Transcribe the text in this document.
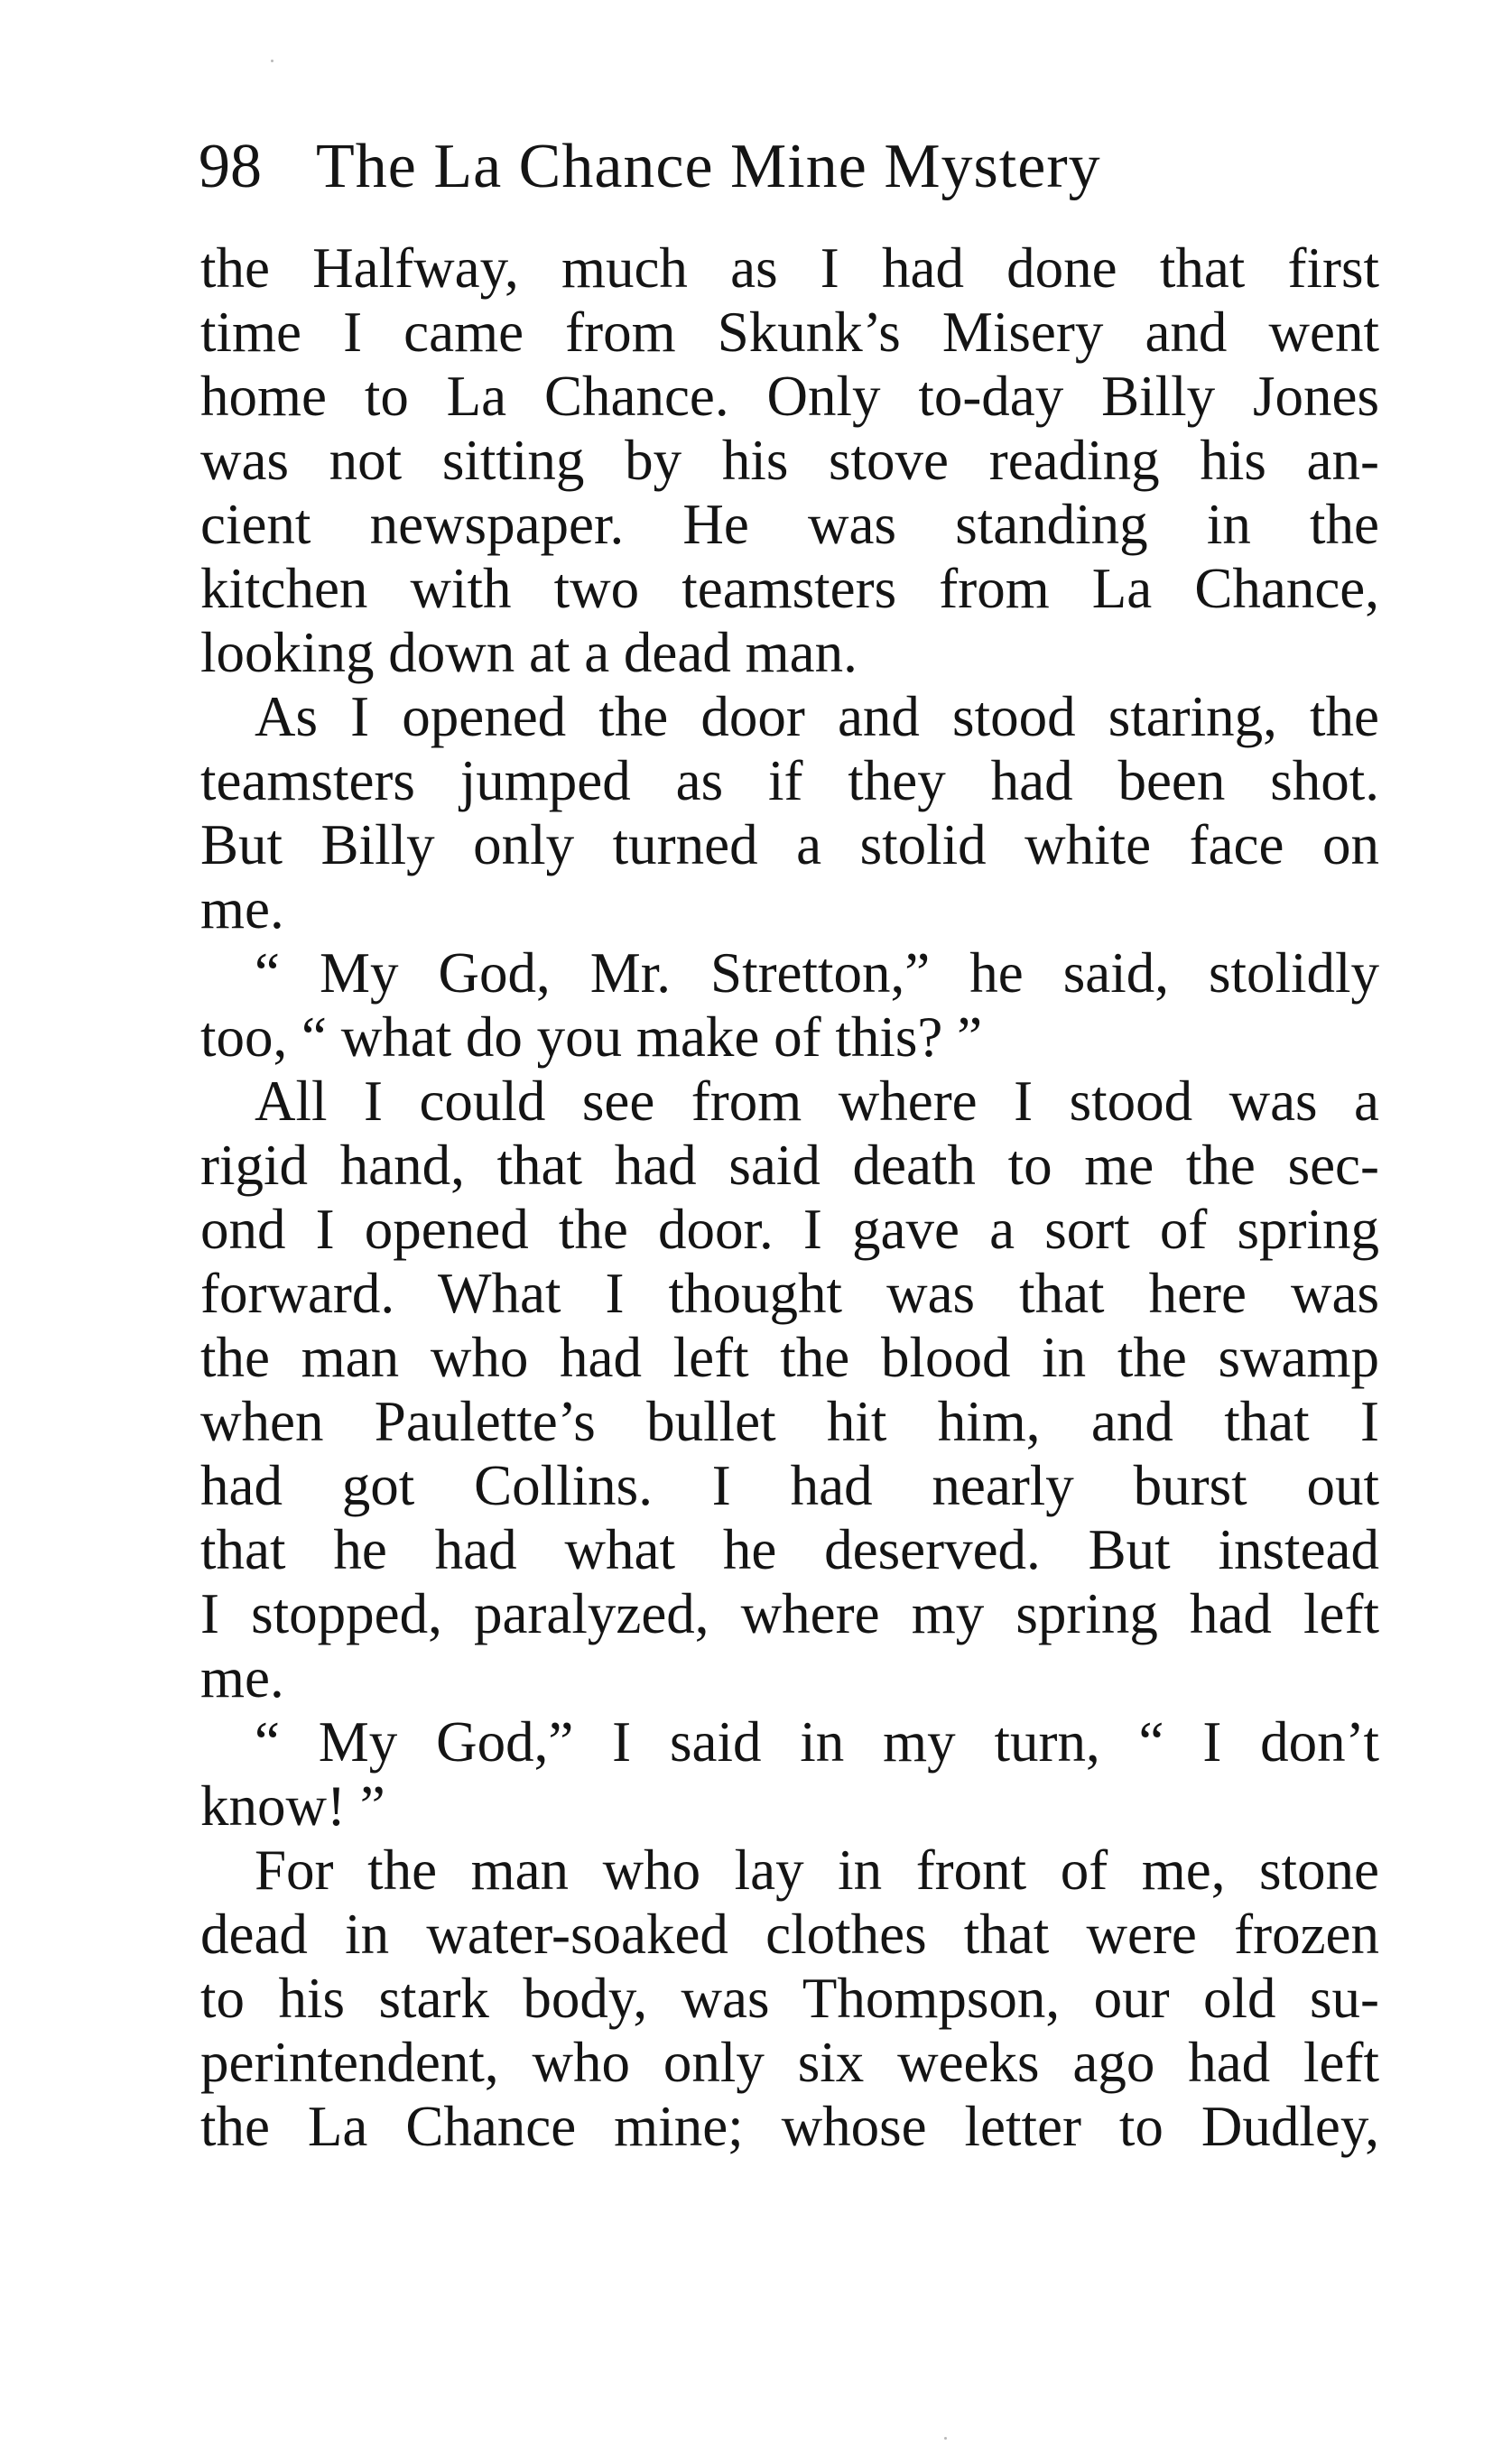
98 The La Chance Mine Mystery
the Halfway, much as I had done that first
time I came from Skunk’s Misery and went
home to La Chance. Only to-day Billy Jones
was not sitting by his stove reading his an-
cient newspaper. He was standing in the
kitchen with two teamsters from La Chance,
looking down at a dead man.
As I opened the door and stood staring, the
teamsters jumped as if they had been shot.
But Billy only turned a stolid white face on
me.
“ My God, Mr. Stretton,” he said, stolidly
too, “ what do you make of this? ”
All I could see from where I stood was a
rigid hand, that had said death to me the sec-
ond I opened the door. I gave a sort of spring
forward. What I thought was that here was
the man who had left the blood in the swamp
when Paulette’s bullet hit him, and that I
had got Collins. I had nearly burst out
that he had what he deserved. But instead
I stopped, paralyzed, where my spring had left
me.
“ My God,” I said in my turn, “ I don’t
know! ”
For the man who lay in front of me, stone
dead in water-soaked clothes that were frozen
to his stark body, was Thompson, our old su-
perintendent, who only six weeks ago had left
the La Chance mine; whose letter to Dudley,
